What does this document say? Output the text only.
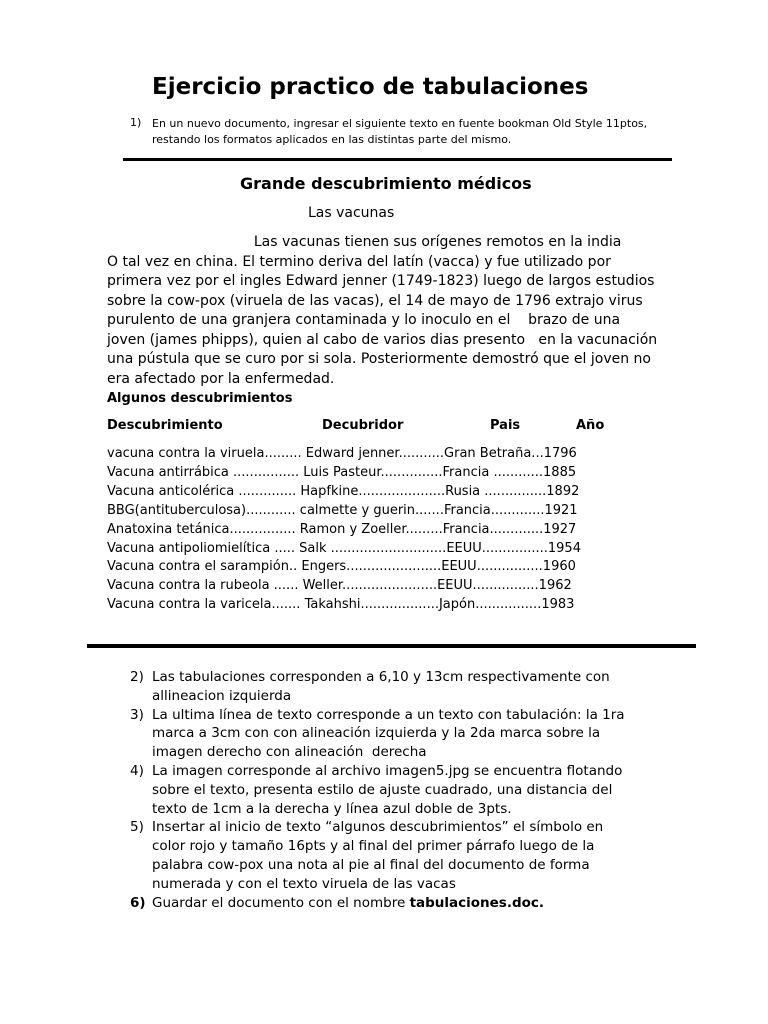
Ejercicio practico de tabulaciones
1) En un nuevo documento, ingresar el siguiente texto en fuente bookman Old Style 11ptos, restando los formatos aplicados en las distintas parte del mismo.
Grande descubrimiento médicos
Las vacunas
Las vacunas tienen sus orígenes remotos en la india
O tal vez en china. El termino deriva del latín (vacca) y fue utilizado por
primera vez por el ingles Edward jenner (1749-1823) luego de largos estudios
sobre la cow-pox (viruela de las vacas), el 14 de mayo de 1796 extrajo virus
purulento de una granjera contaminada y lo inoculo en el    brazo de una
joven (james phipps), quien al cabo de varios dias presento   en la vacunación
una pústula que se curo por si sola. Posteriormente demostró que el joven no
era afectado por la enfermedad.
Algunos descubrimientos
Descubrimiento	Decubridor	Pais	Año
vacuna contra la viruela......... Edward jenner...........Gran Betraña...1796
Vacuna antirrábica ................ Luis Pasteur...............Francia ............1885
Vacuna anticolérica .............. Hapfkine.....................Rusia ...............1892
BBG(antituberculosa)............ calmette y guerin.......Francia.............1921
Anatoxina tetánica................ Ramon y Zoeller.........Francia.............1927
Vacuna antipoliomielítica ..... Salk ............................EEUU................1954
Vacuna contra el sarampión.. Engers.......................EEUU................1960
Vacuna contra la rubeola ...... Weller.......................EEUU................1962
Vacuna contra la varicela....... Takahshi...................Japón................1983
2) Las tabulaciones corresponden a 6,10 y 13cm respectivamente con
allineacion izquierda
3) La ultima línea de texto corresponde a un texto con tabulación: la 1ra
marca a 3cm con con alineación izquierda y la 2da marca sobre la
imagen derecho con alineación  derecha
4) La imagen corresponde al archivo imagen5.jpg se encuentra flotando
sobre el texto, presenta estilo de ajuste cuadrado, una distancia del
texto de 1cm a la derecha y línea azul doble de 3pts.
5) Insertar al inicio de texto “algunos descubrimientos” el símbolo en
color rojo y tamaño 16pts y al final del primer párrafo luego de la
palabra cow-pox una nota al pie al final del documento de forma
numerada y con el texto viruela de las vacas
6) Guardar el documento con el nombre tabulaciones.doc.
